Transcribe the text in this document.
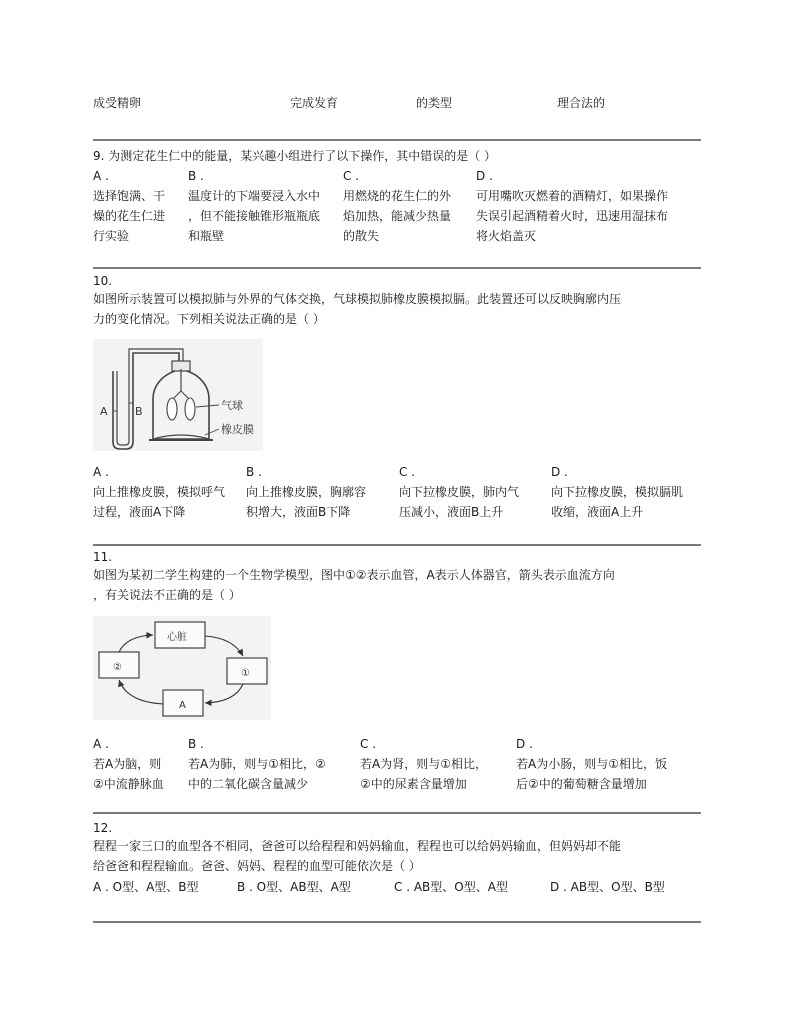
成受精卵	完成发育	的类型	理合法的
9. 为测定花生仁中的能量，某兴趣小组进行了以下操作，其中错误的是（ ）
A .
选择饱满、干
燥的花生仁进
行实验
B .
温度计的下端要浸入水中
，但不能接触锥形瓶瓶底
和瓶壁
C .
用燃烧的花生仁的外
焰加热，能减少热量
的散失
D .
可用嘴吹灭燃着的酒精灯，如果操作
失误引起酒精着火时，迅速用湿抹布
将火焰盖灭
10.
如图所示装置可以模拟肺与外界的气体交换，气球模拟肺橡皮膜模拟膈。此装置还可以反映胸廓内压
力的变化情况。下列相关说法正确的是（ ）
A B	气球
橡皮膜
A .
向上推橡皮膜，模拟呼气
过程，液面A下降
B .
向上推橡皮膜，胸廓容
积增大，液面B下降
C .
向下拉橡皮膜，肺内气
压减小，液面B上升
D .
向下拉橡皮膜，模拟膈肌
收缩，液面A上升
11.
如图为某初二学生构建的一个生物学模型，图中①②表示血管，A表示人体器官，箭头表示血流方向
，有关说法不正确的是（ ）
心脏
②
①
A
A .
若A为脑，则
②中流静脉血
B .
若A为肺，则与①相比，②
中的二氧化碳含量减少
C .
若A为肾，则与①相比，
②中的尿素含量增加
D .
若A为小肠，则与①相比，饭
后②中的葡萄糖含量增加
12.
程程一家三口的血型各不相同，爸爸可以给程程和妈妈输血，程程也可以给妈妈输血，但妈妈却不能
给爸爸和程程输血。爸爸、妈妈、程程的血型可能依次是（ ）
A . O型、A型、B型	B . O型、AB型、A型	C . AB型、O型、A型	D . AB型、O型、B型
